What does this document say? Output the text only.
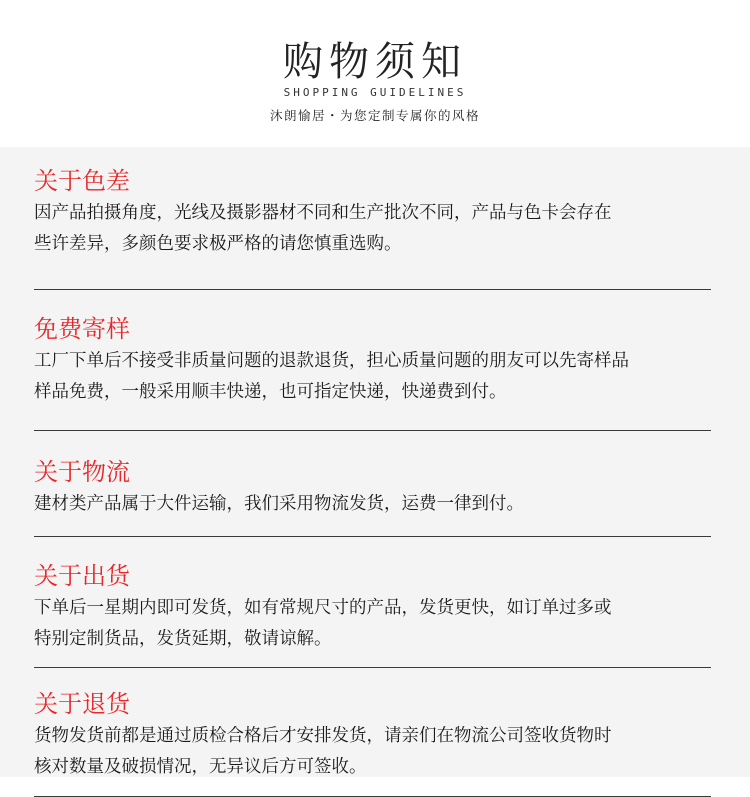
购物须知
SHOPPING GUIDELINES
沐朗愉居・为您定制专属你的风格
关于色差
因产品拍摄角度，光线及摄影器材不同和生产批次不同，产品与色卡会存在
些许差异，多颜色要求极严格的请您慎重选购。
免费寄样
工厂下单后不接受非质量问题的退款退货，担心质量问题的朋友可以先寄样品
样品免费，一般采用顺丰快递，也可指定快递，快递费到付。
关于物流
建材类产品属于大件运输，我们采用物流发货，运费一律到付。
关于出货
下单后一星期内即可发货，如有常规尺寸的产品，发货更快，如订单过多或
特别定制货品，发货延期，敬请谅解。
关于退货
货物发货前都是通过质检合格后才安排发货，请亲们在物流公司签收货物时
核对数量及破损情况，无异议后方可签收。
